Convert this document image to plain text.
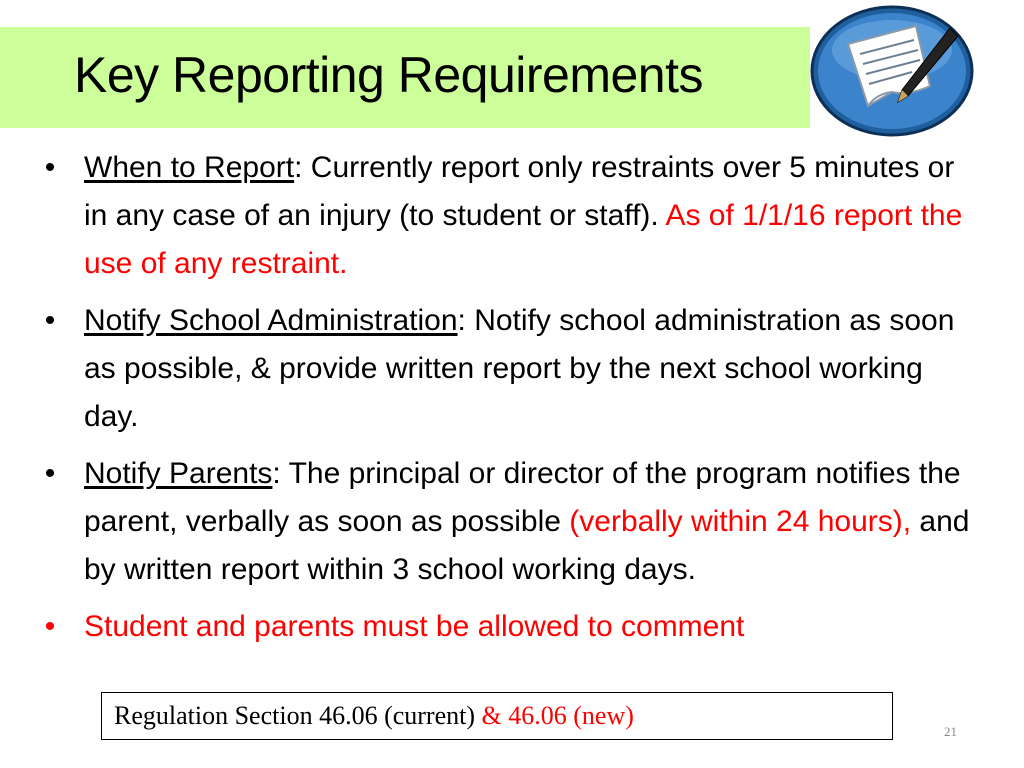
Key Reporting Requirements
• When to Report: Currently report only restraints over 5 minutes or in any case of an injury (to student or staff). As of 1/1/16 report the use of any restraint.
• Notify School Administration: Notify school administration as soon as possible, & provide written report by the next school working day.
• Notify Parents: The principal or director of the program notifies the parent, verbally as soon as possible (verbally within 24 hours), and by written report within 3 school working days.
• Student and parents must be allowed to comment
Regulation Section 46.06 (current) & 46.06 (new)
21
